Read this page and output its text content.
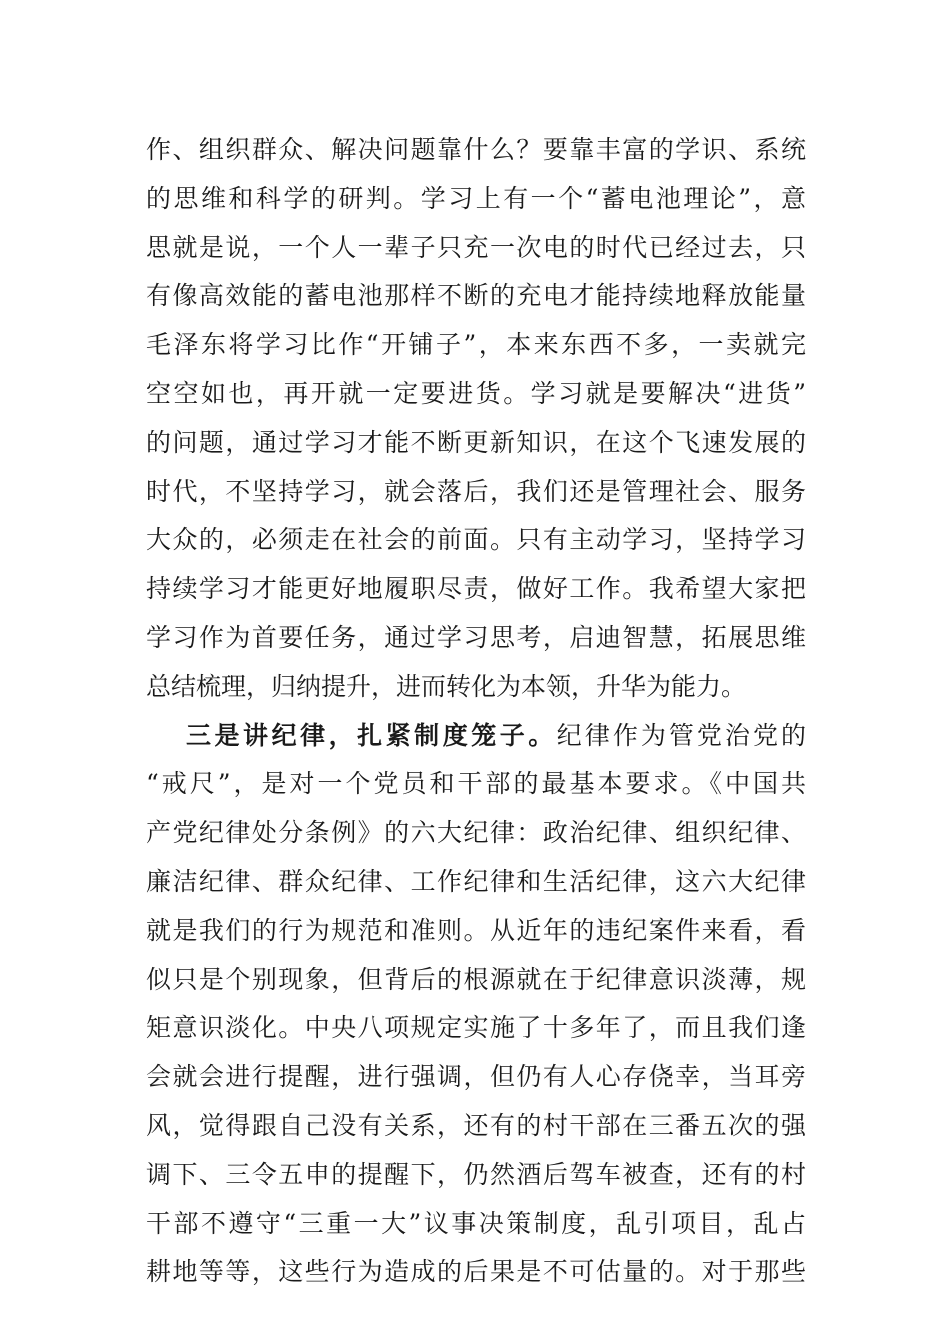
作、组织群众、解决问题靠什么？要靠丰富的学识、系统
的思维和科学的研判。学习上有一个“蓄电池理论”，意
思就是说，一个人一辈子只充一次电的时代已经过去，只
有像高效能的蓄电池那样不断的充电才能持续地释放能量
毛泽东将学习比作“开铺子”，本来东西不多，一卖就完
空空如也，再开就一定要进货。学习就是要解决“进货”
的问题，通过学习才能不断更新知识，在这个飞速发展的
时代，不坚持学习，就会落后，我们还是管理社会、服务
大众的，必须走在社会的前面。只有主动学习，坚持学习
持续学习才能更好地履职尽责，做好工作。我希望大家把
学习作为首要任务，通过学习思考，启迪智慧，拓展思维
总结梳理，归纳提升，进而转化为本领，升华为能力。
三是讲纪律，扎紧制度笼子。纪律作为管党治党的
“戒尺”，是对一个党员和干部的最基本要求。《中国共
产党纪律处分条例》的六大纪律：政治纪律、组织纪律、
廉洁纪律、群众纪律、工作纪律和生活纪律，这六大纪律
就是我们的行为规范和准则。从近年的违纪案件来看，看
似只是个别现象，但背后的根源就在于纪律意识淡薄，规
矩意识淡化。中央八项规定实施了十多年了，而且我们逢
会就会进行提醒，进行强调，但仍有人心存侥幸，当耳旁
风，觉得跟自己没有关系，还有的村干部在三番五次的强
调下、三令五申的提醒下，仍然酒后驾车被查，还有的村
干部不遵守“三重一大”议事决策制度，乱引项目，乱占
耕地等等，这些行为造成的后果是不可估量的。对于那些
